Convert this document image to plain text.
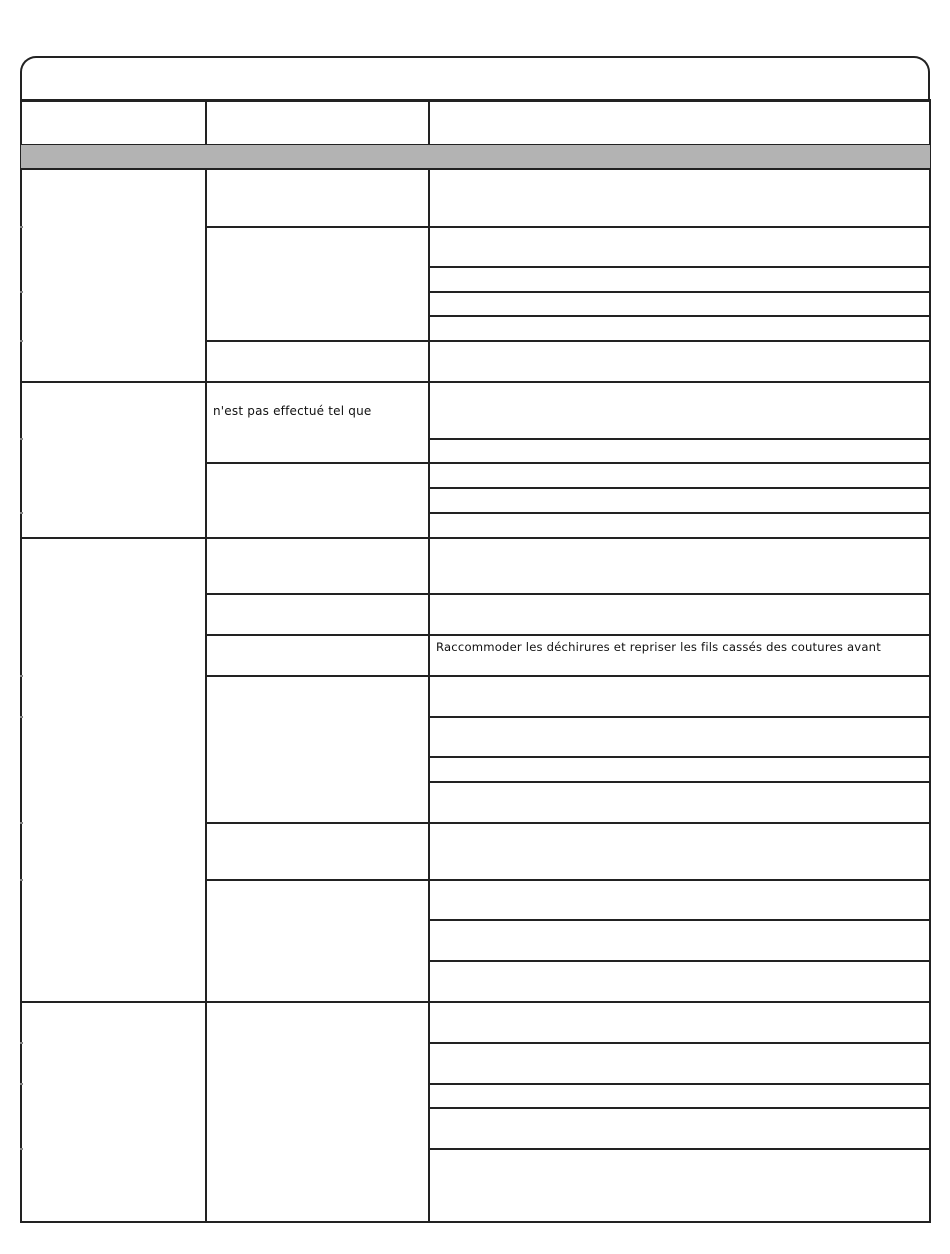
n'est pas effectué tel que
Raccommoder les déchirures et repriser les fils cassés des coutures avant
